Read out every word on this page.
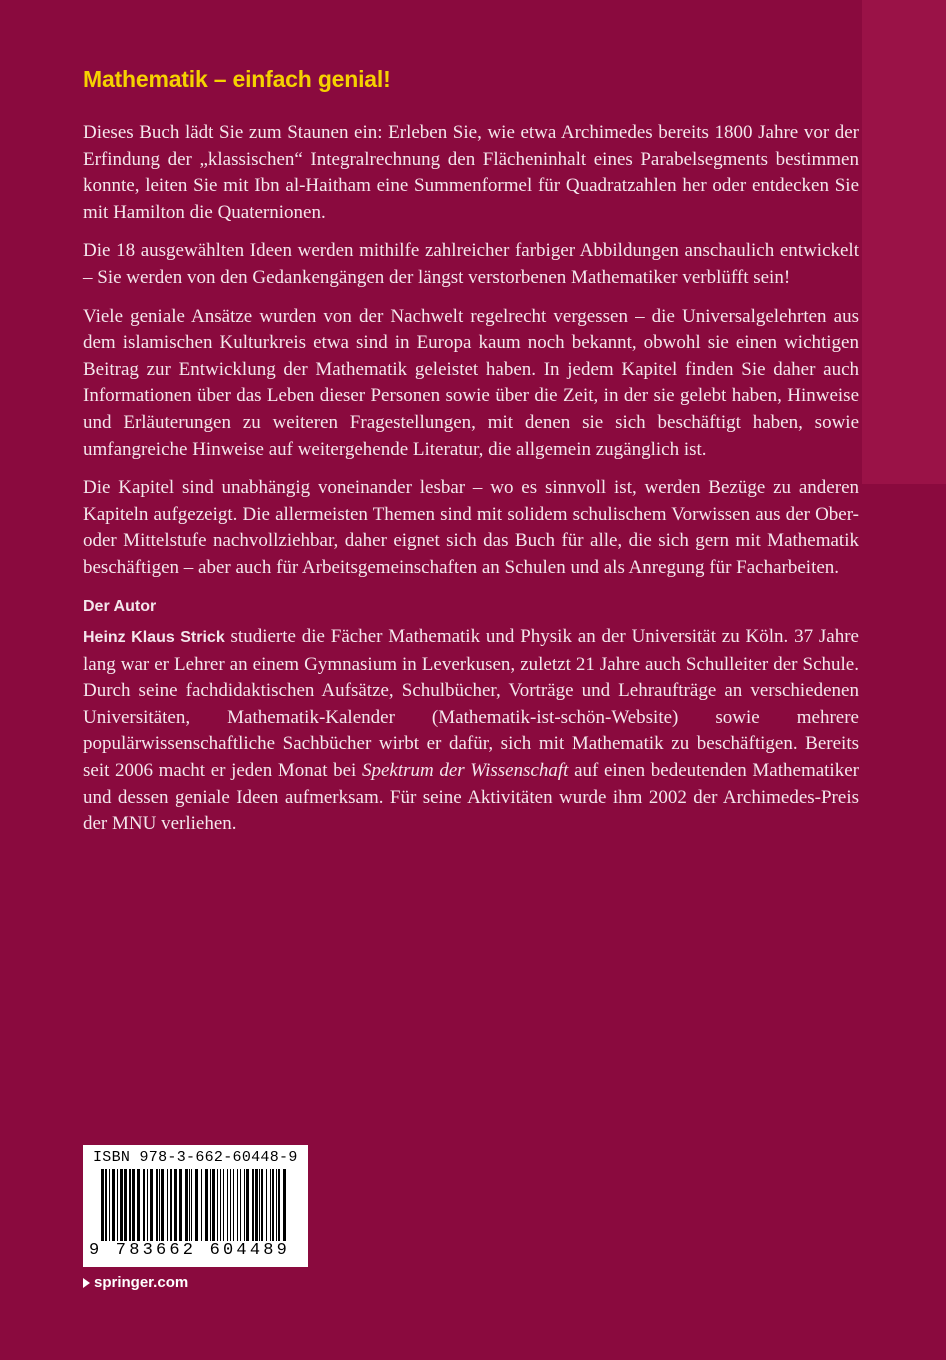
Mathematik – einfach genial!

Dieses Buch lädt Sie zum Staunen ein: Erleben Sie, wie etwa Archimedes bereits 1800 Jahre vor der Erfindung der „klassischen“ Integralrechnung den Flächeninhalt eines Parabelsegments bestimmen konnte, leiten Sie mit Ibn al-Haitham eine Summenformel für Quadratzahlen her oder entdecken Sie mit Hamilton die Quaternionen.

Die 18 ausgewählten Ideen werden mithilfe zahlreicher farbiger Abbildungen anschaulich entwickelt – Sie werden von den Gedankengängen der längst verstorbenen Mathematiker verblüfft sein!

Viele geniale Ansätze wurden von der Nachwelt regelrecht vergessen – die Universalgelehrten aus dem islamischen Kulturkreis etwa sind in Europa kaum noch bekannt, obwohl sie einen wichtigen Beitrag zur Entwicklung der Mathematik geleistet haben. In jedem Kapitel finden Sie daher auch Informationen über das Leben dieser Personen sowie über die Zeit, in der sie gelebt haben, Hinweise und Erläuterungen zu weiteren Fragestellungen, mit denen sie sich beschäftigt haben, sowie umfangreiche Hinweise auf weitergehende Literatur, die allgemein zugänglich ist.

Die Kapitel sind unabhängig voneinander lesbar – wo es sinnvoll ist, werden Bezüge zu anderen Kapiteln aufgezeigt. Die allermeisten Themen sind mit solidem schulischem Vorwissen aus der Ober- oder Mittelstufe nachvollziehbar, daher eignet sich das Buch für alle, die sich gern mit Mathematik beschäftigen – aber auch für Arbeitsgemeinschaften an Schulen und als Anregung für Facharbeiten.

Der Autor

Heinz Klaus Strick studierte die Fächer Mathematik und Physik an der Universität zu Köln. 37 Jahre lang war er Lehrer an einem Gymnasium in Leverkusen, zuletzt 21 Jahre auch Schulleiter der Schule. Durch seine fachdidaktischen Aufsätze, Schulbücher, Vorträge und Lehraufträge an verschiedenen Universitäten, Mathematik-Kalender (Mathematik-ist-schön-Website) sowie mehrere populärwissenschaftliche Sachbücher wirbt er dafür, sich mit Mathematik zu beschäftigen. Bereits seit 2006 macht er jeden Monat bei Spektrum der Wissenschaft auf einen bedeutenden Mathematiker und dessen geniale Ideen aufmerksam. Für seine Aktivitäten wurde ihm 2002 der Archimedes-Preis der MNU verliehen.

ISBN 978-3-662-60448-9
9 783662 604489
springer.com
